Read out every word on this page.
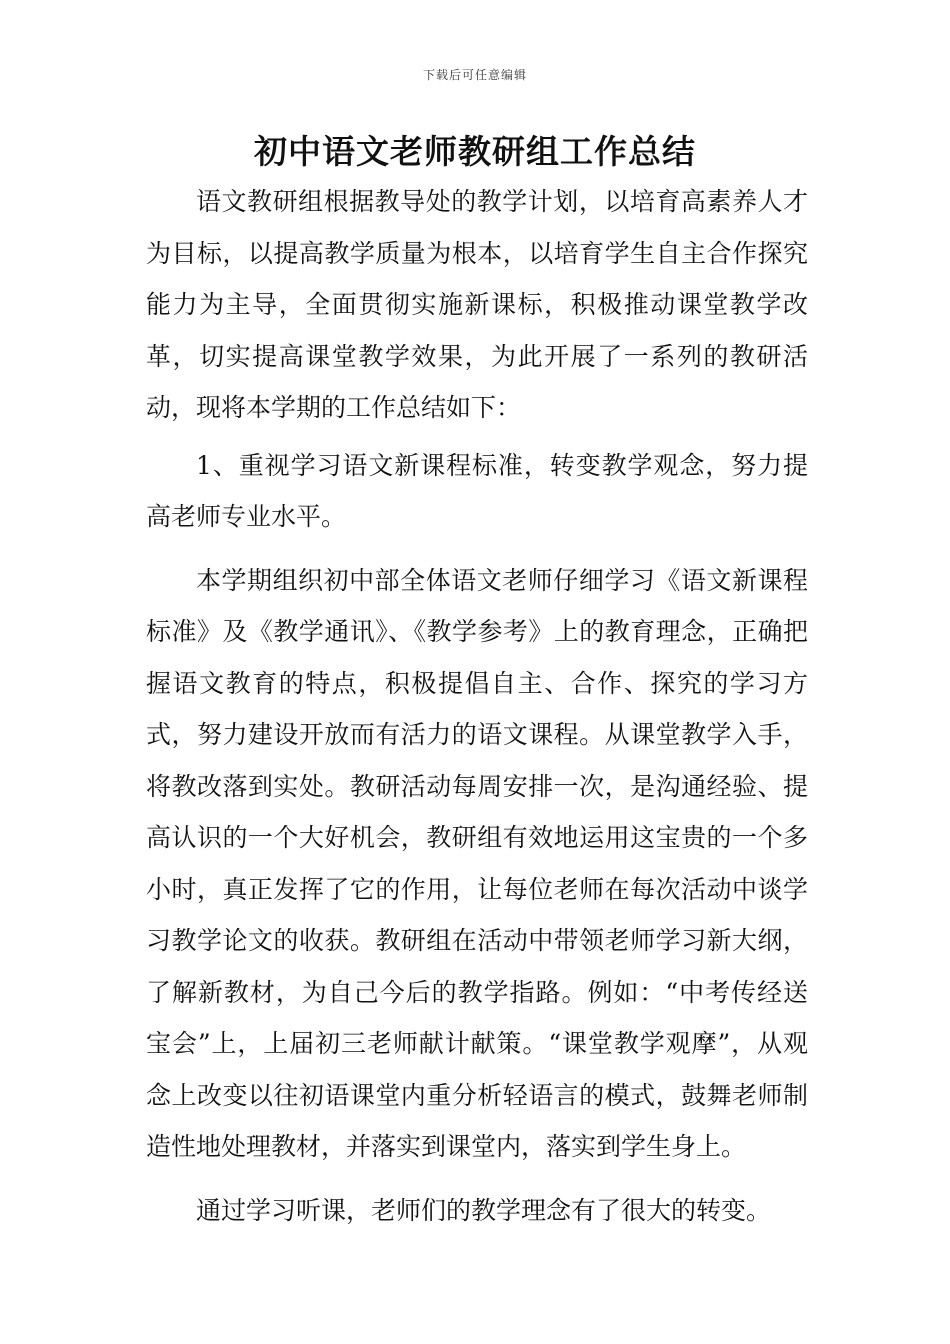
下载后可任意编辑
初中语文老师教研组工作总结

语文教研组根据教导处的教学计划，以培育高素养人才为目标，以提高教学质量为根本，以培育学生自主合作探究能力为主导，全面贯彻实施新课标，积极推动课堂教学改革，切实提高课堂教学效果，为此开展了一系列的教研活动，现将本学期的工作总结如下：

1、重视学习语文新课程标准，转变教学观念，努力提高老师专业水平。

本学期组织初中部全体语文老师仔细学习《语文新课程标准》及《教学通讯》、《教学参考》上的教育理念，正确把握语文教育的特点，积极提倡自主、合作、探究的学习方式，努力建设开放而有活力的语文课程。从课堂教学入手，将教改落到实处。教研活动每周安排一次，是沟通经验、提高认识的一个大好机会，教研组有效地运用这宝贵的一个多小时，真正发挥了它的作用，让每位老师在每次活动中谈学习教学论文的收获。教研组在活动中带领老师学习新大纲，了解新教材，为自己今后的教学指路。例如：“中考传经送宝会”上，上届初三老师献计献策。“课堂教学观摩”，从观念上改变以往初语课堂内重分析轻语言的模式，鼓舞老师制造性地处理教材，并落实到课堂内，落实到学生身上。

通过学习听课，老师们的教学理念有了很大的转变。
